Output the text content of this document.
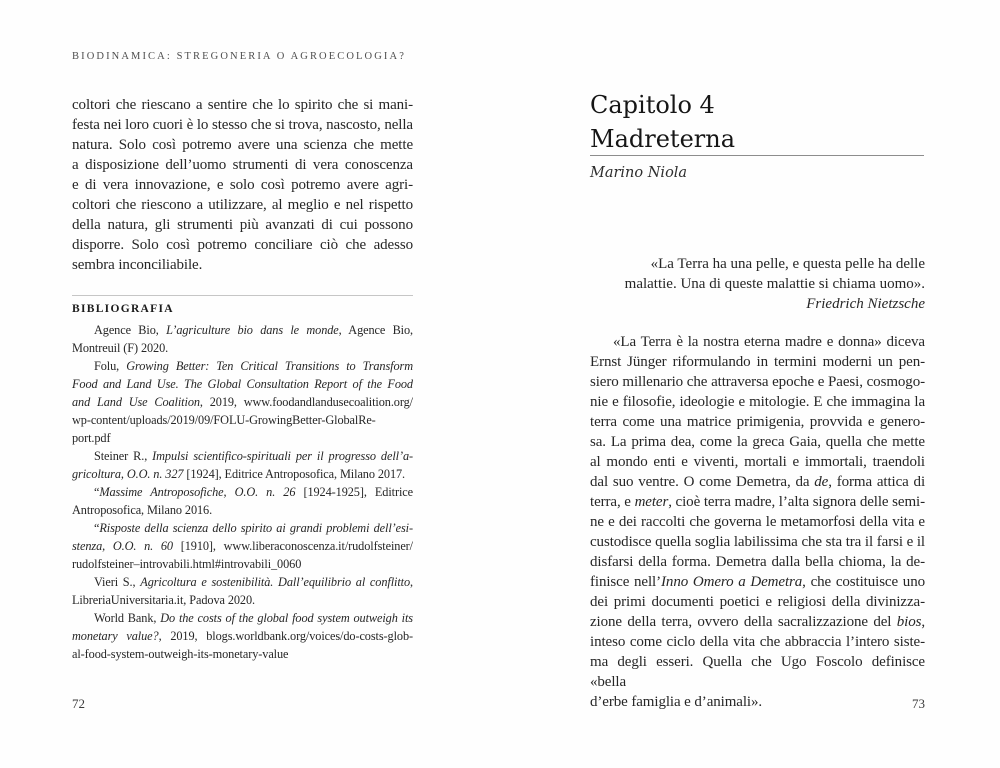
BIODINAMICA: STREGONERIA O AGROECOLOGIA?
coltori che riescano a sentire che lo spirito che si mani-
festa nei loro cuori è lo stesso che si trova, nascosto, nella
natura. Solo così potremo avere una scienza che mette
a disposizione dell’uomo strumenti di vera conoscenza
e di vera innovazione, e solo così potremo avere agri-
coltori che riescono a utilizzare, al meglio e nel rispetto
della natura, gli strumenti più avanzati di cui possono
disporre. Solo così potremo conciliare ciò che adesso
sembra inconciliabile.
BIBLIOGRAFIA
Agence Bio, L’agriculture bio dans le monde, Agence Bio,
Montreuil (F) 2020.
Folu, Growing Better: Ten Critical Transitions to Transform
Food and Land Use. The Global Consultation Report of the Food
and Land Use Coalition, 2019, www.foodandlandusecoalition.org/
wp-content/uploads/2019/09/FOLU-GrowingBetter-GlobalRe-
port.pdf
Steiner R., Impulsi scientifico-spirituali per il progresso dell’a-
gricoltura, O.O. n. 327 [1924], Editrice Antroposofica, Milano 2017.
“Massime Antroposofiche, O.O. n. 26 [1924-1925], Editrice
Antroposofica, Milano 2016.
“Risposte della scienza dello spirito ai grandi problemi dell’esi-
stenza, O.O. n. 60 [1910], www.liberaconoscenza.it/rudolfsteiner/
rudolfsteiner–introvabili.html#introvabili_0060
Vieri S., Agricoltura e sostenibilità. Dall’equilibrio al conflitto,
LibreriaUniversitaria.it, Padova 2020.
World Bank, Do the costs of the global food system outweigh its
monetary value?, 2019, blogs.worldbank.org/voices/do-costs-glob-
al-food-system-outweigh-its-monetary-value
72
Capitolo 4
Madreterna
Marino Niola
«La Terra ha una pelle, e questa pelle ha delle
malattie. Una di queste malattie si chiama uomo».
Friedrich Nietzsche
«La Terra è la nostra eterna madre e donna» diceva
Ernst Jünger riformulando in termini moderni un pen-
siero millenario che attraversa epoche e Paesi, cosmogo-
nie e filosofie, ideologie e mitologie. E che immagina la
terra come una matrice primigenia, provvida e genero-
sa. La prima dea, come la greca Gaia, quella che mette
al mondo enti e viventi, mortali e immortali, traendoli
dal suo ventre. O come Demetra, da de, forma attica di
terra, e meter, cioè terra madre, l’alta signora delle semi-
ne e dei raccolti che governa le metamorfosi della vita e
custodisce quella soglia labilissima che sta tra il farsi e il
disfarsi della forma. Demetra dalla bella chioma, la de-
finisce nell’Inno Omero a Demetra, che costituisce uno
dei primi documenti poetici e religiosi della divinizza-
zione della terra, ovvero della sacralizzazione del bios,
inteso come ciclo della vita che abbraccia l’intero siste-
ma degli esseri. Quella che Ugo Foscolo definisce «bella
d’erbe famiglia e d’animali».	73
